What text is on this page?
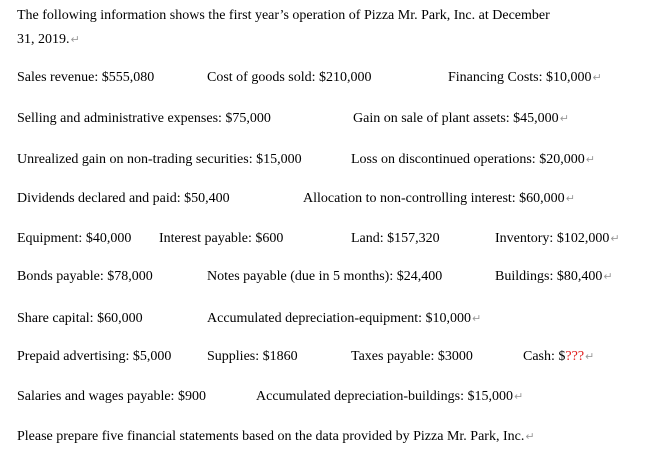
The following information shows the first year’s operation of Pizza Mr. Park, Inc. at December
31, 2019.↵
Sales revenue: $555,080	Cost of goods sold: $210,000	Financing Costs: $10,000↵
Selling and administrative expenses: $75,000	Gain on sale of plant assets: $45,000↵
Unrealized gain on non-trading securities: $15,000	Loss on discontinued operations: $20,000↵
Dividends declared and paid: $50,400	Allocation to non-controlling interest: $60,000↵
Equipment: $40,000 Interest payable: $600	Land: $157,320	Inventory: $102,000↵
Bonds payable: $78,000	Notes payable (due in 5 months): $24,400	Buildings: $80,400↵
Share capital: $60,000	Accumulated depreciation-equipment: $10,000↵
Prepaid advertising: $5,000	Supplies: $1860	Taxes payable: $3000	Cash: $???↵
Salaries and wages payable: $900	Accumulated depreciation-buildings: $15,000↵
Please prepare five financial statements based on the data provided by Pizza Mr. Park, Inc.↵
